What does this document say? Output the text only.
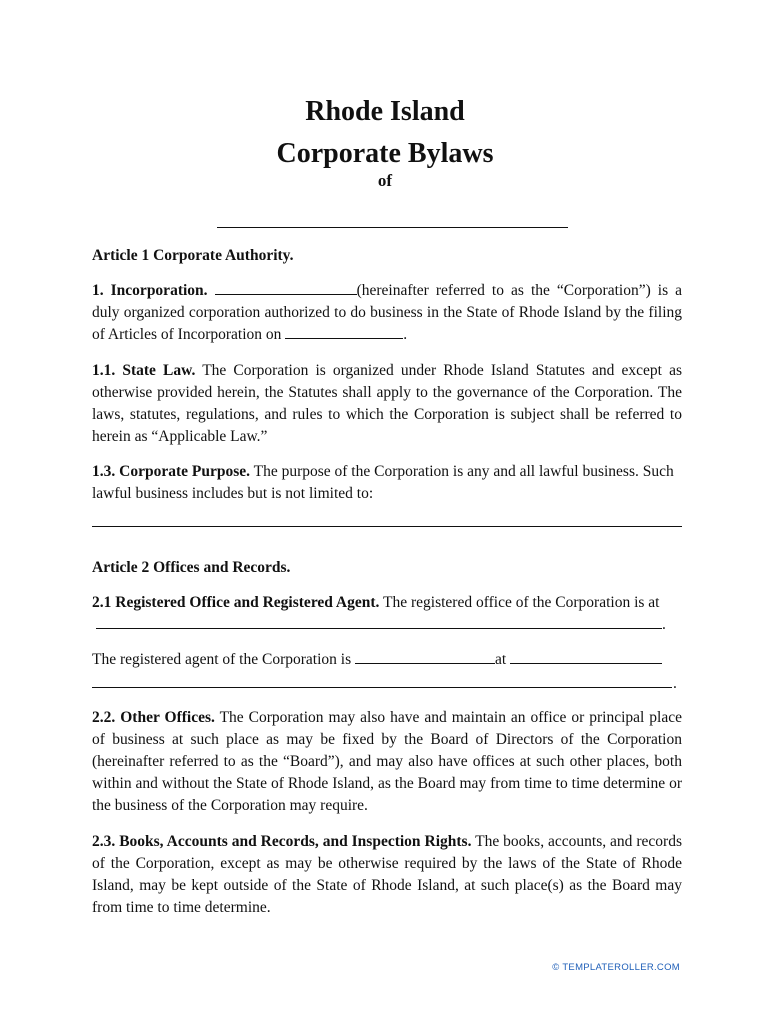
Rhode Island
Corporate Bylaws
of
Article 1 Corporate Authority.
1. Incorporation.	(hereinafter referred to as the “Corporation”) is a duly organized corporation authorized to do business in the State of Rhode Island by the filing of Articles of Incorporation on	.
1.1. State Law. The Corporation is organized under Rhode Island Statutes and except as otherwise provided herein, the Statutes shall apply to the governance of the Corporation. The laws, statutes, regulations, and rules to which the Corporation is subject shall be referred to herein as “Applicable Law.”
1.3. Corporate Purpose. The purpose of the Corporation is any and all lawful business. Such lawful business includes but is not limited to:
Article 2 Offices and Records.
2.1 Registered Office and Registered Agent. The registered office of the Corporation is at .
The registered agent of the Corporation is	at
.
2.2. Other Offices. The Corporation may also have and maintain an office or principal place of business at such place as may be fixed by the Board of Directors of the Corporation (hereinafter referred to as the “Board”), and may also have offices at such other places, both within and without the State of Rhode Island, as the Board may from time to time determine or the business of the Corporation may require.
2.3. Books, Accounts and Records, and Inspection Rights. The books, accounts, and records of the Corporation, except as may be otherwise required by the laws of the State of Rhode Island, may be kept outside of the State of Rhode Island, at such place(s) as the Board may from time to time determine.
© TEMPLATEROLLER.COM
